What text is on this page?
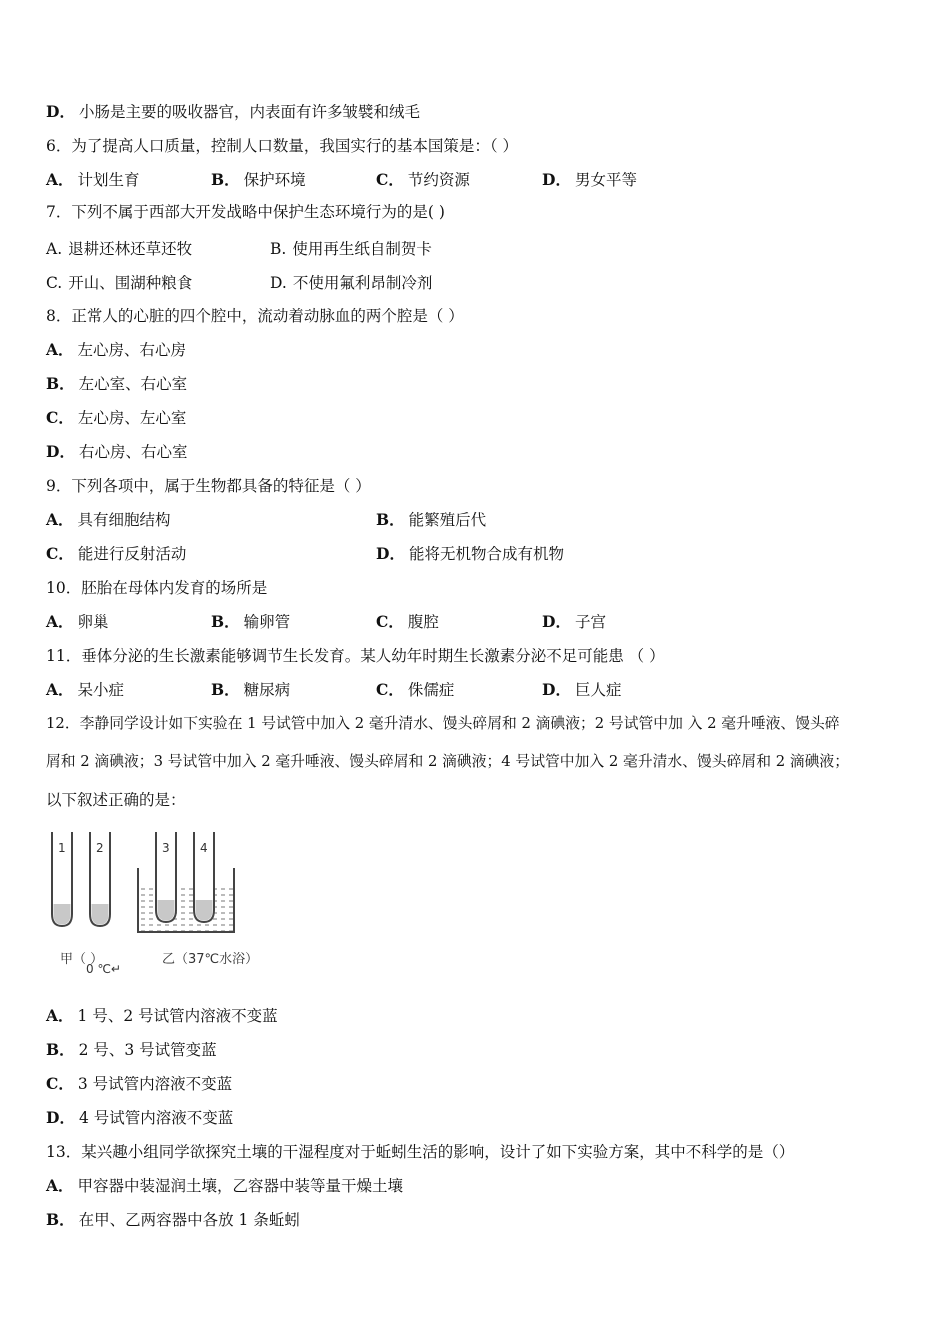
D． 小肠是主要的吸收器官，内表面有许多皱襞和绒毛
6．为了提高人口质量，控制人口数量，我国实行的基本国策是：（ ）
A． 计划生育	B． 保护环境	C． 节约资源	D． 男女平等
7．下列不属于西部大开发战略中保护生态环境行为的是( )
A. 退耕还林还草还牧	B. 使用再生纸自制贺卡
C. 开山、围湖种粮食	D. 不使用氟利昂制冷剂
8．正常人的心脏的四个腔中，流动着动脉血的两个腔是（ ）
A． 左心房、右心房
B． 左心室、右心室
C． 左心房、左心室
D． 右心房、右心室
9．下列各项中，属于生物都具备的特征是（ ）
A． 具有细胞结构	B． 能繁殖后代
C． 能进行反射活动	D． 能将无机物合成有机物
10．胚胎在母体内发育的场所是
A． 卵巢	B． 输卵管	C． 腹腔	D． 子宫
11．垂体分泌的生长激素能够调节生长发育。某人幼年时期生长激素分泌不足可能患 （ ）
A． 呆小症	B． 糖尿病	C． 侏儒症	D． 巨人症
12．李静同学设计如下实验在 1 号试管中加入 2 毫升清水、馒头碎屑和 2 滴碘液；2 号试管中加 入 2 毫升唾液、馒头碎
屑和 2 滴碘液；3 号试管中加入 2 毫升唾液、馒头碎屑和 2 滴碘液；4 号试管中加入 2 毫升清水、馒头碎屑和 2 滴碘液；
以下叙述正确的是：
1	2	3	4
甲（ ）
0 ℃↵
乙（37℃水浴）
A． 1 号、2 号试管内溶液不变蓝
B． 2 号、3 号试管变蓝
C． 3 号试管内溶液不变蓝
D． 4 号试管内溶液不变蓝
13．某兴趣小组同学欲探究土壤的干湿程度对于蚯蚓生活的影响，设计了如下实验方案，其中不科学的是（）
A． 甲容器中装湿润土壤，乙容器中装等量干燥土壤
B． 在甲、乙两容器中各放 1 条蚯蚓
